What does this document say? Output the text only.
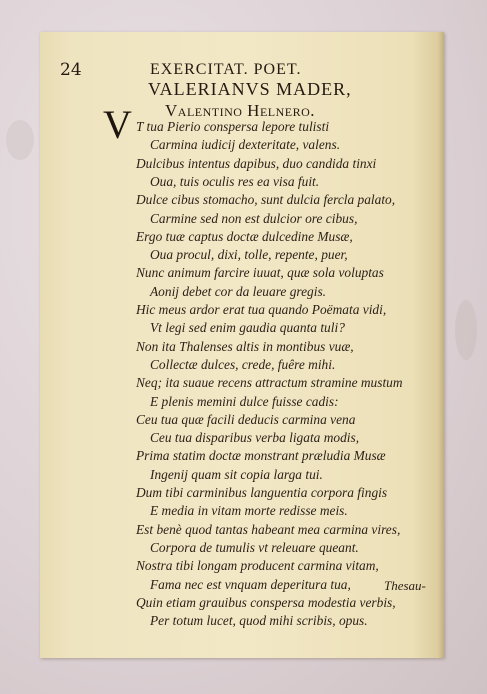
24	EXERCITAT. POET.
VALERIANVS MADER,
Valentino Helnero.
V T tua Pierio conspersa lepore tulisti
Carmina iudicij dexteritate, valens.
Dulcibus intentus dapibus, duo candida tinxi
Oua, tuis oculis res ea visa fuit.
Dulce cibus stomacho, sunt dulcia fercla palato,
Carmine sed non est dulcior ore cibus,
Ergo tuæ captus doctæ dulcedine Musæ,
Oua procul, dixi, tolle, repente, puer,
Nunc animum farcire iuuat, quæ sola voluptas
Aonij debet cor da leuare gregis.
Hic meus ardor erat tua quando Poëmata vidi,
Vt legi sed enim gaudia quanta tuli?
Non ita Thalenses altis in montibus vuæ,
Collectæ dulces, crede, fuêre mihi.
Neq; ita suaue recens attractum stramine mustum
E plenis memini dulce fuisse cadis:
Ceu tua quæ facili deducis carmina vena
Ceu tua disparibus verba ligata modis,
Prima statim doctæ monstrant præludia Musæ
Ingenij quam sit copia larga tui.
Dum tibi carminibus languentia corpora fingis
E media in vitam morte redisse meis.
Est benè quod tantas habeant mea carmina vires,
Corpora de tumulis vt releuare queant.
Nostra tibi longam producent carmina vitam,
Fama nec est vnquam deperitura tua,
Quin etiam grauibus conspersa modestia verbis,
Per totum lucet, quod mihi scribis, opus.
Thesau-
